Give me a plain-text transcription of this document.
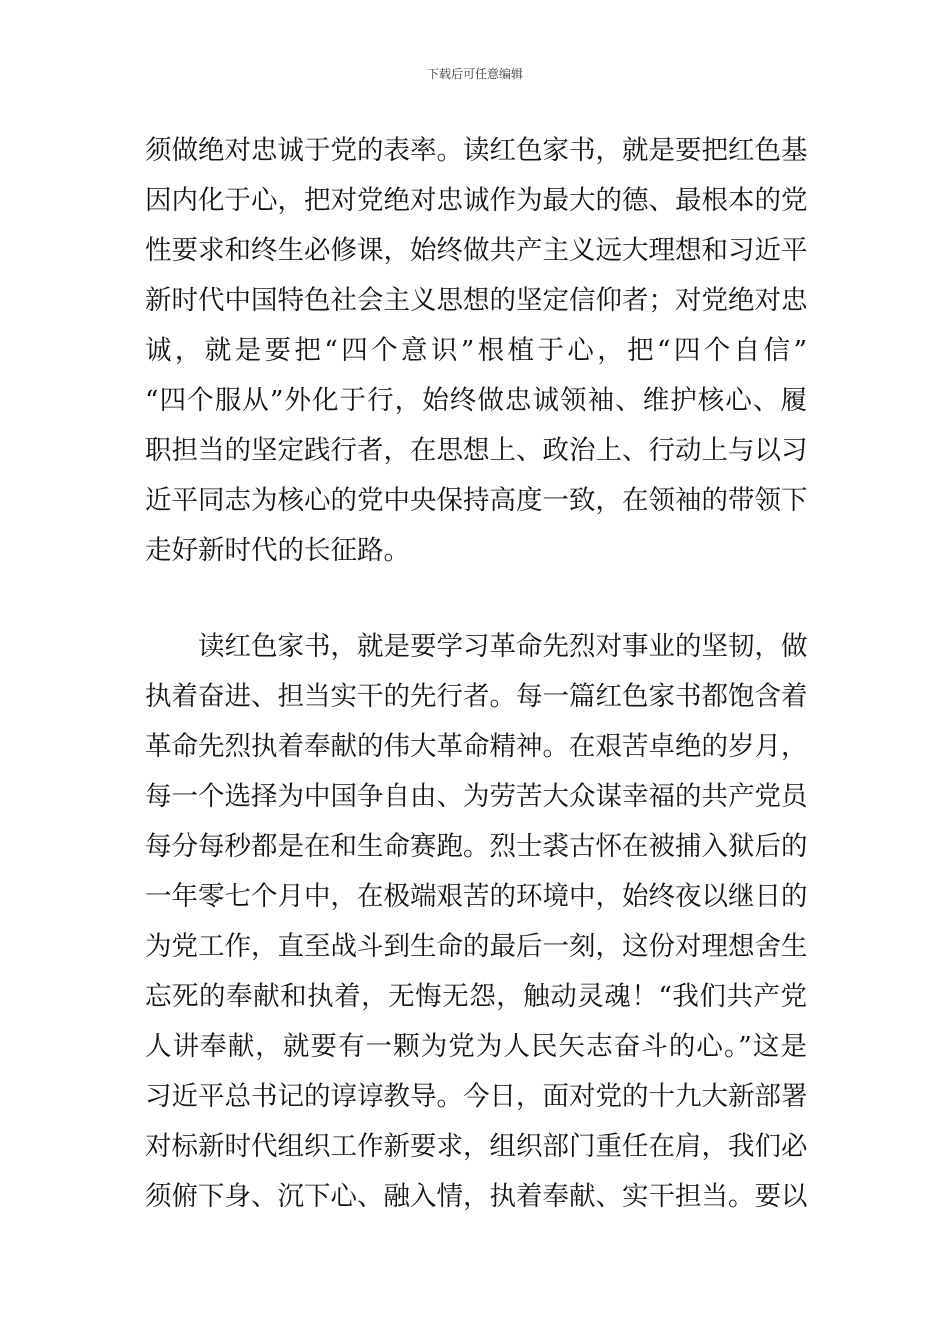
下载后可任意编辑
须做绝对忠诚于党的表率。读红色家书，就是要把红色基
因内化于心，把对党绝对忠诚作为最大的德、最根本的党
性要求和终生必修课，始终做共产主义远大理想和习近平
新时代中国特色社会主义思想的坚定信仰者；对党绝对忠
诚，就是要把“四个意识”根植于心，把“四个自信”
“四个服从”外化于行，始终做忠诚领袖、维护核心、履
职担当的坚定践行者，在思想上、政治上、行动上与以习
近平同志为核心的党中央保持高度一致，在领袖的带领下
走好新时代的长征路。
读红色家书，就是要学习革命先烈对事业的坚韧，做
执着奋进、担当实干的先行者。每一篇红色家书都饱含着
革命先烈执着奉献的伟大革命精神。在艰苦卓绝的岁月，
每一个选择为中国争自由、为劳苦大众谋幸福的共产党员
每分每秒都是在和生命赛跑。烈士裘古怀在被捕入狱后的
一年零七个月中，在极端艰苦的环境中，始终夜以继日的
为党工作，直至战斗到生命的最后一刻，这份对理想舍生
忘死的奉献和执着，无悔无怨，触动灵魂！“我们共产党
人讲奉献，就要有一颗为党为人民矢志奋斗的心。”这是
习近平总书记的谆谆教导。今日，面对党的十九大新部署
对标新时代组织工作新要求，组织部门重任在肩，我们必
须俯下身、沉下心、融入情，执着奉献、实干担当。要以
